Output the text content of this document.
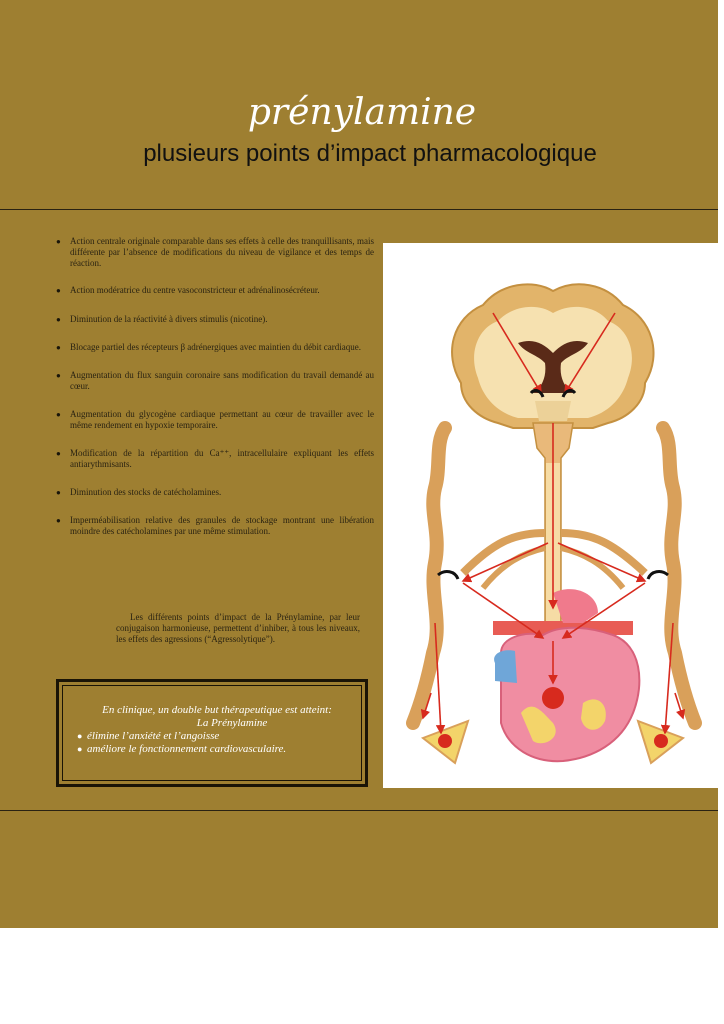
prénylamine
plusieurs points d’impact pharmacologique
● Action centrale originale comparable dans ses effets à celle des tranquillisants, mais différente par l’absence de modifications du niveau de vigilance et des temps de réaction.
● Action modératrice du centre vasoconstricteur et adrénalinosécréteur.
● Diminution de la réactivité à divers stimulis (nicotine).
● Blocage partiel des récepteurs β adrénergiques avec maintien du débit cardiaque.
● Augmentation du flux sanguin coronaire sans modification du travail demandé au cœur.
● Augmentation du glycogène cardiaque permettant au cœur de travailler avec le même rendement en hypoxie temporaire.
● Modification de la répartition du Ca⁺⁺, intracellulaire expliquant les effets antiarythmisants.
● Diminution des stocks de catécholamines.
● Imperméabilisation relative des granules de stockage montrant une libération moindre des catécholamines par une même stimulation.
Les différents points d’impact de la Prénylamine, par leur conjugaison harmonieuse, permettent d’inhiber, à tous les niveaux, les effets des agressions (“Agressolytique”).
En clinique, un double but thérapeutique est atteint:
La Prénylamine
● élimine l’anxiété et l’angoisse
● améliore le fonctionnement cardiovasculaire.
